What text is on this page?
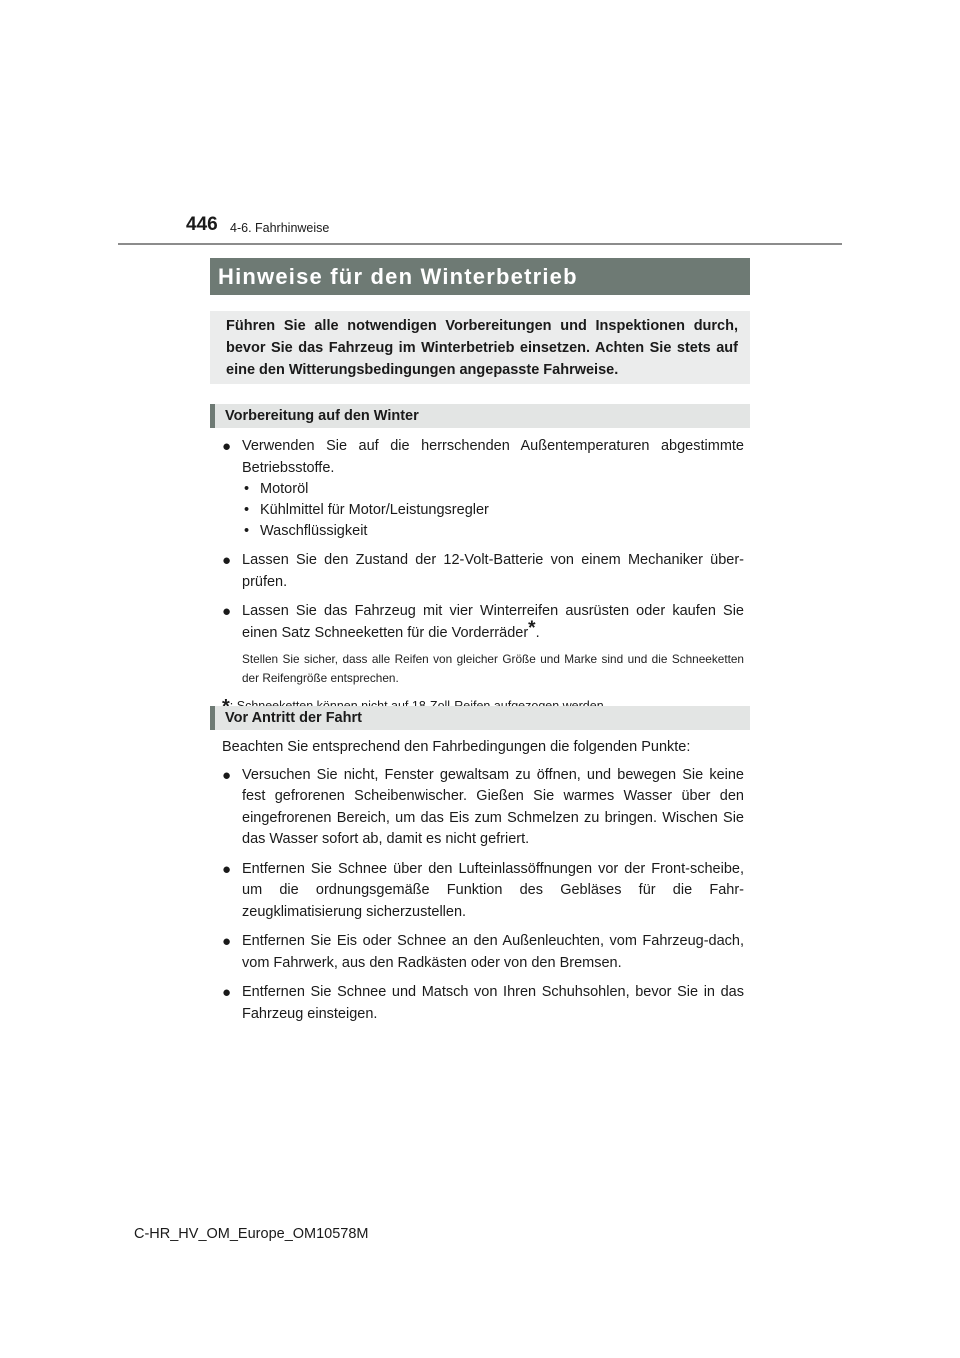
446 4-6. Fahrhinweise
Hinweise für den Winterbetrieb
Führen Sie alle notwendigen Vorbereitungen und Inspektionen durch, bevor Sie das Fahrzeug im Winterbetrieb einsetzen. Achten Sie stets auf eine den Witterungsbedingungen angepasste Fahrweise.
Vorbereitung auf den Winter
● Verwenden Sie auf die herrschenden Außentemperaturen abgestimmte Betriebsstoffe.
• Motoröl
• Kühlmittel für Motor/Leistungsregler
• Waschflüssigkeit
● Lassen Sie den Zustand der 12-Volt-Batterie von einem Mechaniker über-prüfen.
● Lassen Sie das Fahrzeug mit vier Winterreifen ausrüsten oder kaufen Sie einen Satz Schneeketten für die Vorderräder*.
Stellen Sie sicher, dass alle Reifen von gleicher Größe und Marke sind und die Schneeketten der Reifengröße entsprechen.
Vor Antritt der Fahrt
Beachten Sie entsprechend den Fahrbedingungen die folgenden Punkte:
● Versuchen Sie nicht, Fenster gewaltsam zu öffnen, und bewegen Sie keine fest gefrorenen Scheibenwischer. Gießen Sie warmes Wasser über den eingefrorenen Bereich, um das Eis zum Schmelzen zu bringen. Wischen Sie das Wasser sofort ab, damit es nicht gefriert.
● Entfernen Sie Schnee über den Lufteinlassöffnungen vor der Front-scheibe, um die ordnungsgemäße Funktion des Gebläses für die Fahr-zeugklimatisierung sicherzustellen.
● Entfernen Sie Eis oder Schnee an den Außenleuchten, vom Fahrzeug-dach, vom Fahrwerk, aus den Radkästen oder von den Bremsen.
● Entfernen Sie Schnee und Matsch von Ihren Schuhsohlen, bevor Sie in das Fahrzeug einsteigen.
C-HR_HV_OM_Europe_OM10578M
